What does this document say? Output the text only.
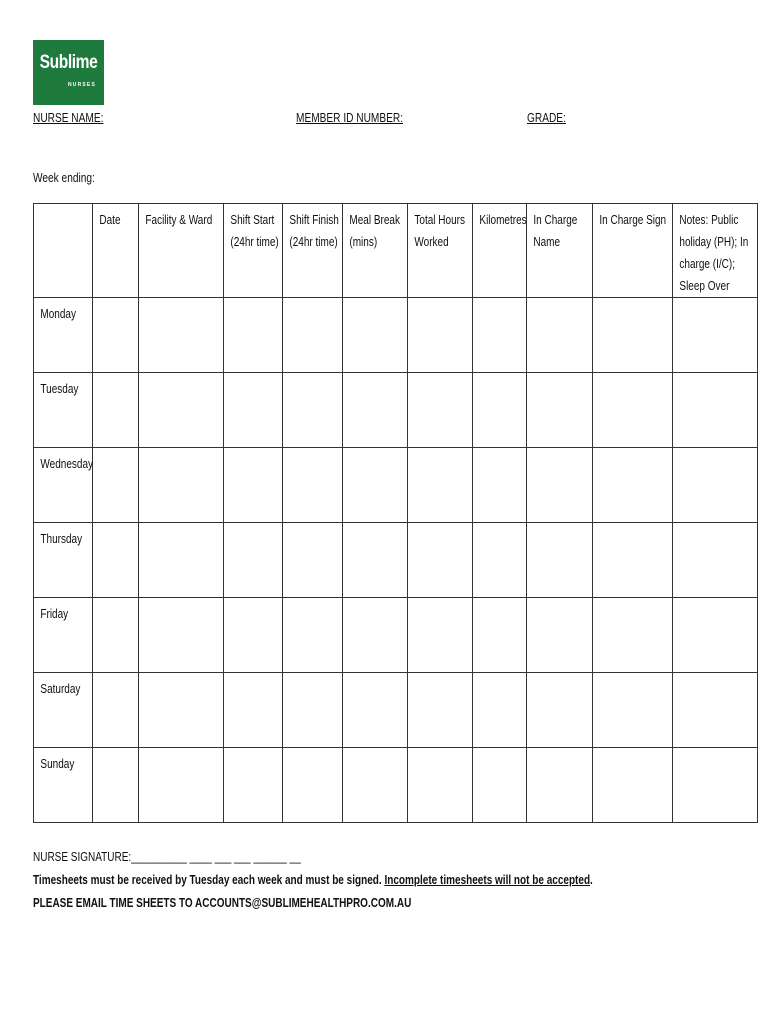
Sublime
NURSES
NURSE NAME:	MEMBER ID NUMBER:	GRADE:
Week ending:

	Date	Facility & Ward	Shift Start (24hr time)	Shift Finish (24hr time)	Meal Break (mins)	Total Hours Worked	Kilometres	In Charge Name	In Charge Sign	Notes: Public holiday (PH); In charge (I/C); Sleep Over

Monday										

Tuesday										

Wednesday										

Thursday										

Friday										

Saturday										

Sunday										

NURSE SIGNATURE:__________ ____ ___ ___ ______ __
Timesheets must be received by Tuesday each week and must be signed. Incomplete timesheets will not be accepted.
PLEASE EMAIL TIME SHEETS TO ACCOUNTS@SUBLIMEHEALTHPRO.COM.AU
